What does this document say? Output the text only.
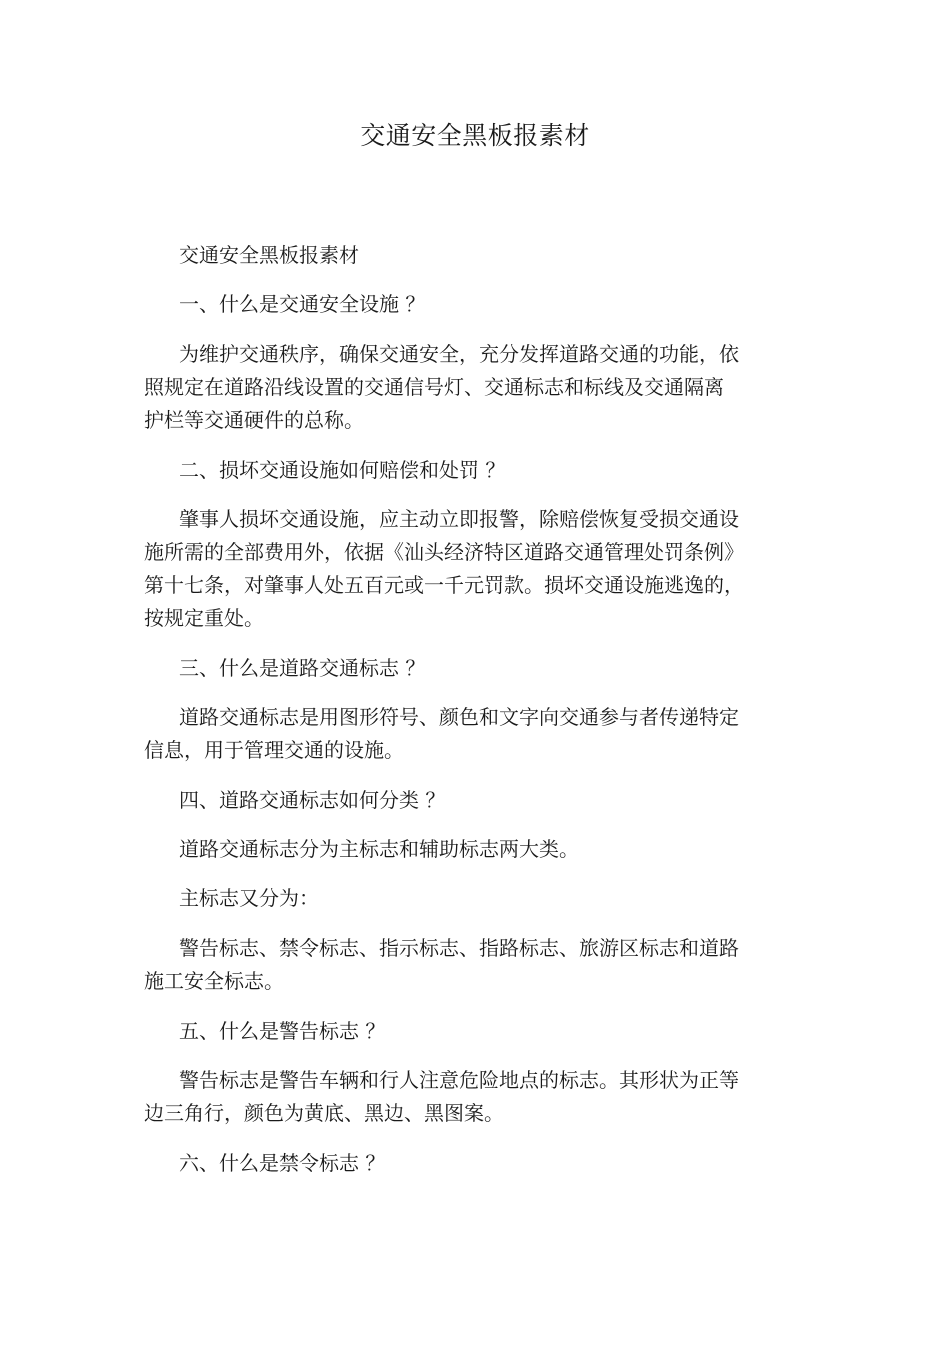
交通安全黑板报素材

交通安全黑板报素材

一、什么是交通安全设施 ？

为维护交通秩序，确保交通安全，充分发挥道路交通的功能，依

照规定在道路沿线设置的交通信号灯、交通标志和标线及交通隔离

护栏等交通硬件的总称。

二、损坏交通设施如何赔偿和处罚 ？

肇事人损坏交通设施，应主动立即报警，除赔偿恢复受损交通设

施所需的全部费用外，依据《汕头经济特区道路交通管理处罚条例》

第十七条，对肇事人处五百元或一千元罚款。损坏交通设施逃逸的，

按规定重处。

三、什么是道路交通标志 ？

道路交通标志是用图形符号、颜色和文字向交通参与者传递特定

信息，用于管理交通的设施。

四、道路交通标志如何分类 ？

道路交通标志分为主标志和辅助标志两大类。

主标志又分为：

警告标志、禁令标志、指示标志、指路标志、旅游区标志和道路

施工安全标志。

五、什么是警告标志 ？

警告标志是警告车辆和行人注意危险地点的标志。其形状为正等

边三角行，颜色为黄底、黑边、黑图案。

六、什么是禁令标志 ？
